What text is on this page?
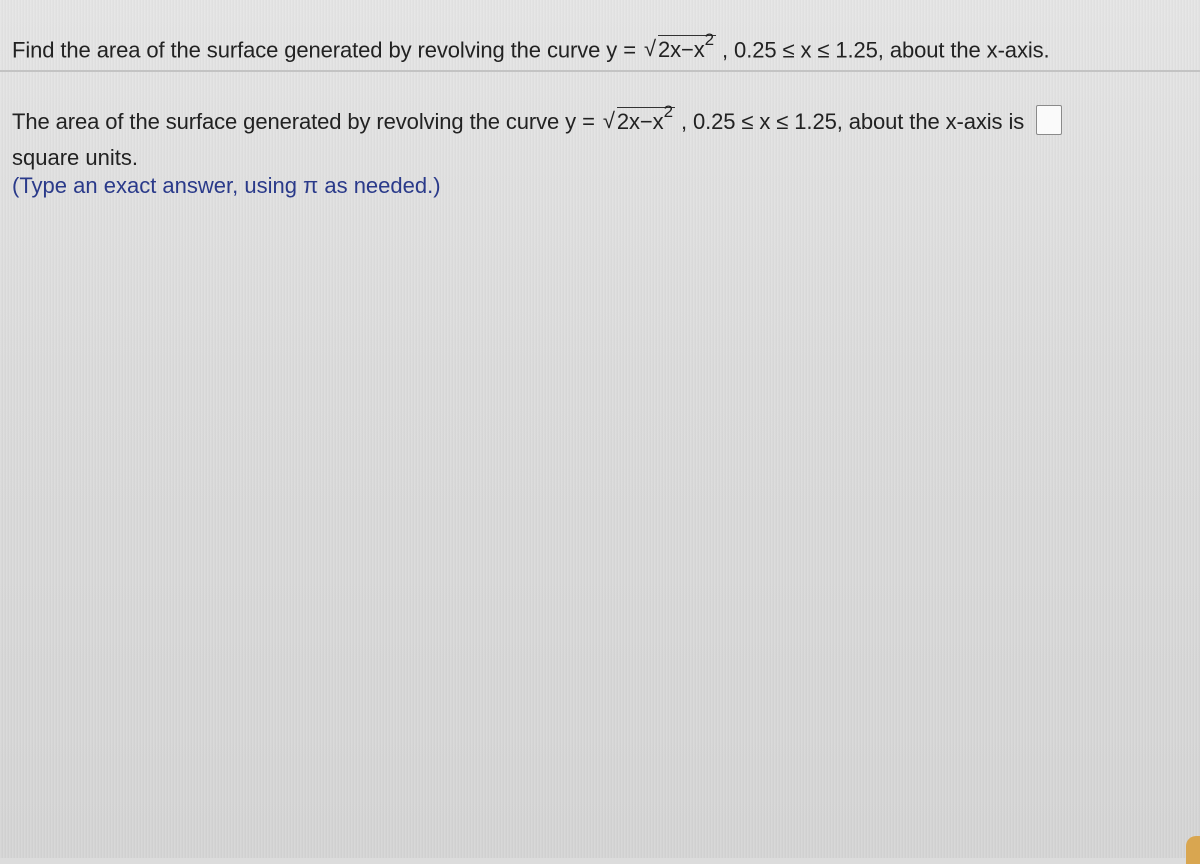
Find the area of the surface generated by revolving the curve y = √ $2x-x^2$ , 0.25 ≤ x ≤ 1.25, about the x-axis.
The area of the surface generated by revolving the curve y = √ $2x-x^2$ , 0.25 ≤ x ≤ 1.25, about the x-axis is
square units.
(Type an exact answer, using π as needed.)
